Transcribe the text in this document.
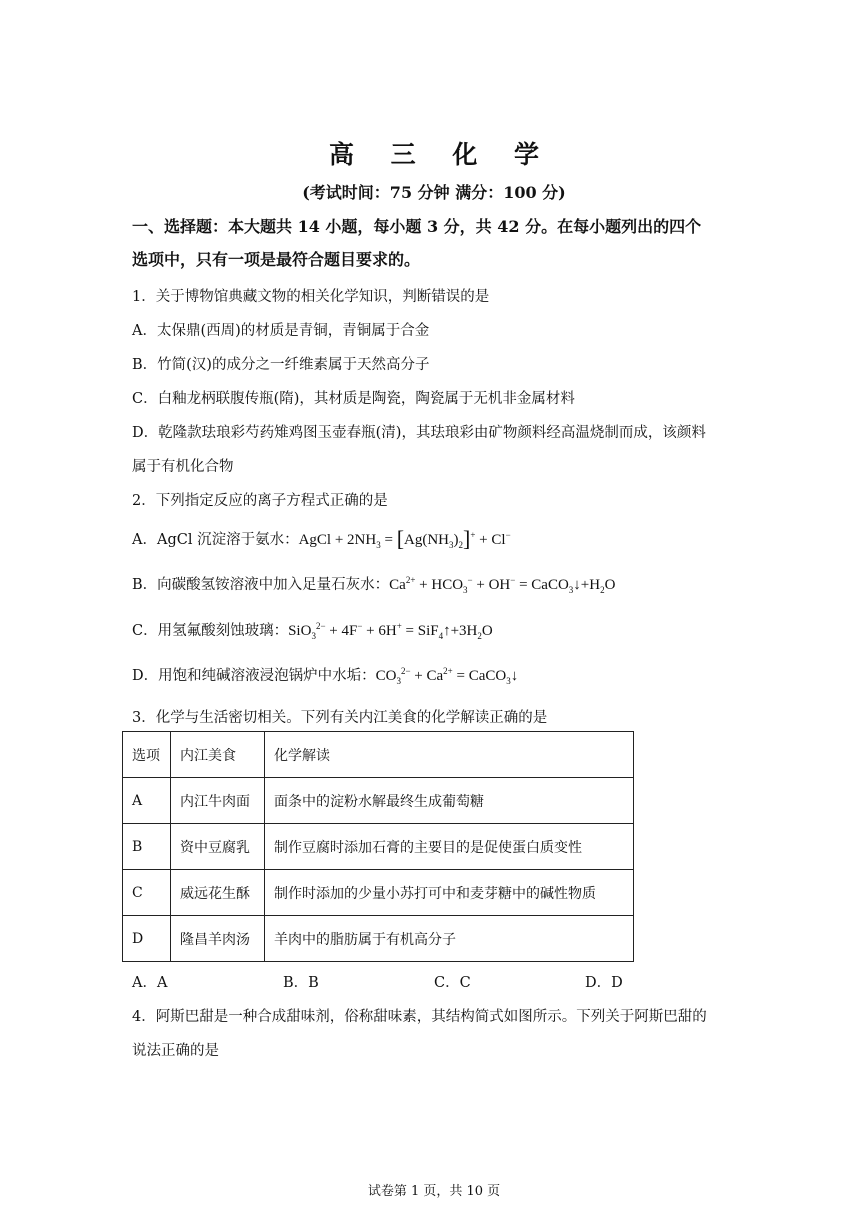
高 三 化 学
(考试时间：75 分钟 满分：100 分)
一、选择题：本大题共 14 小题，每小题 3 分，共 42 分。在每小题列出的四个
选项中，只有一项是最符合题目要求的。
1．关于博物馆典藏文物的相关化学知识，判断错误的是
A．太保鼎(西周)的材质是青铜，青铜属于合金
B．竹简(汉)的成分之一纤维素属于天然高分子
C．白釉龙柄联腹传瓶(隋)，其材质是陶瓷，陶瓷属于无机非金属材料
D．乾隆款珐琅彩芍药雉鸡图玉壶春瓶(清)，其珐琅彩由矿物颜料经高温烧制而成，该颜料
属于有机化合物
2．下列指定反应的离子方程式正确的是
A．AgCl 沉淀溶于氨水：AgCl + $2NH_3 = [Ag(NH_3)_2]^+ + Cl^-$
B．向碳酸氢铵溶液中加入足量石灰水：$Ca^{2+} + HCO_3^- + OH^-$ = $CaCO_3↓+H_2O$
C．用氢氟酸刻蚀玻璃：$SiO_3^{2-} + 4F^- + 6H^+ = SiF_4↑+3H_2O$
D．用饱和纯碱溶液浸泡锅炉中水垢：$CO_3^{2-} + Ca^{2+}$ = CaCO$_3$↓
3．化学与生活密切相关。下列有关内江美食的化学解读正确的是
选项	内江美食	化学解读
A	内江牛肉面	面条中的淀粉水解最终生成葡萄糖
B	资中豆腐乳	制作豆腐时添加石膏的主要目的是促使蛋白质变性
C	威远花生酥	制作时添加的少量小苏打可中和麦芽糖中的碱性物质
D	隆昌羊肉汤	羊肉中的脂肪属于有机高分子
A．A	B．B	C．C	D．D
4．阿斯巴甜是一种合成甜味剂，俗称甜味素，其结构简式如图所示。下列关于阿斯巴甜的
说法正确的是
试卷第 1 页，共 10 页
